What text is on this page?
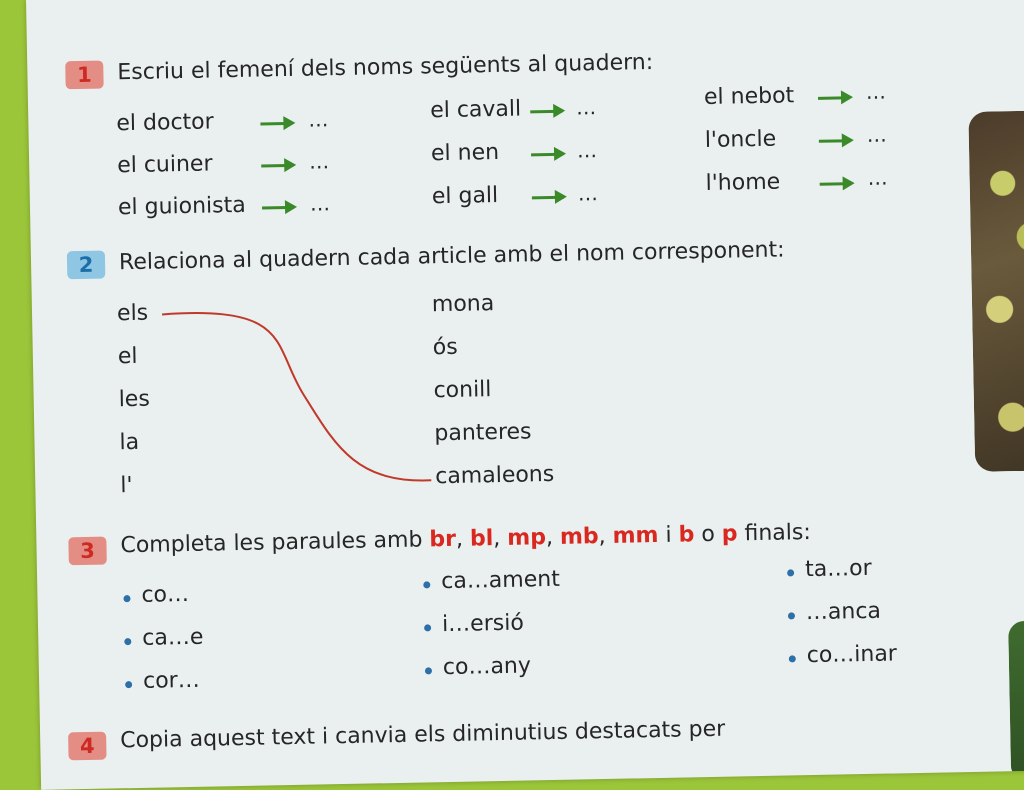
1	Escriu el femení dels noms següents al quadern:
el doctor	…
el cuiner	…
el guionista	…
el cavall	…
el nen	…
el gall	…
el nebot	…
l'oncle	…
l'home	…
2	Relaciona al quadern cada article amb el nom corresponent:
els
el
les
la
l'
mona
ós
conill
panteres
camaleons
3	Completa les paraules amb br, bl, mp, mb, mm i b o p finals:
co…
ca…e
cor…
ca…ament
i…ersió
co…any
ta…or
…anca
co…inar
4	Copia aquest text i canvia els diminutius destacats per
